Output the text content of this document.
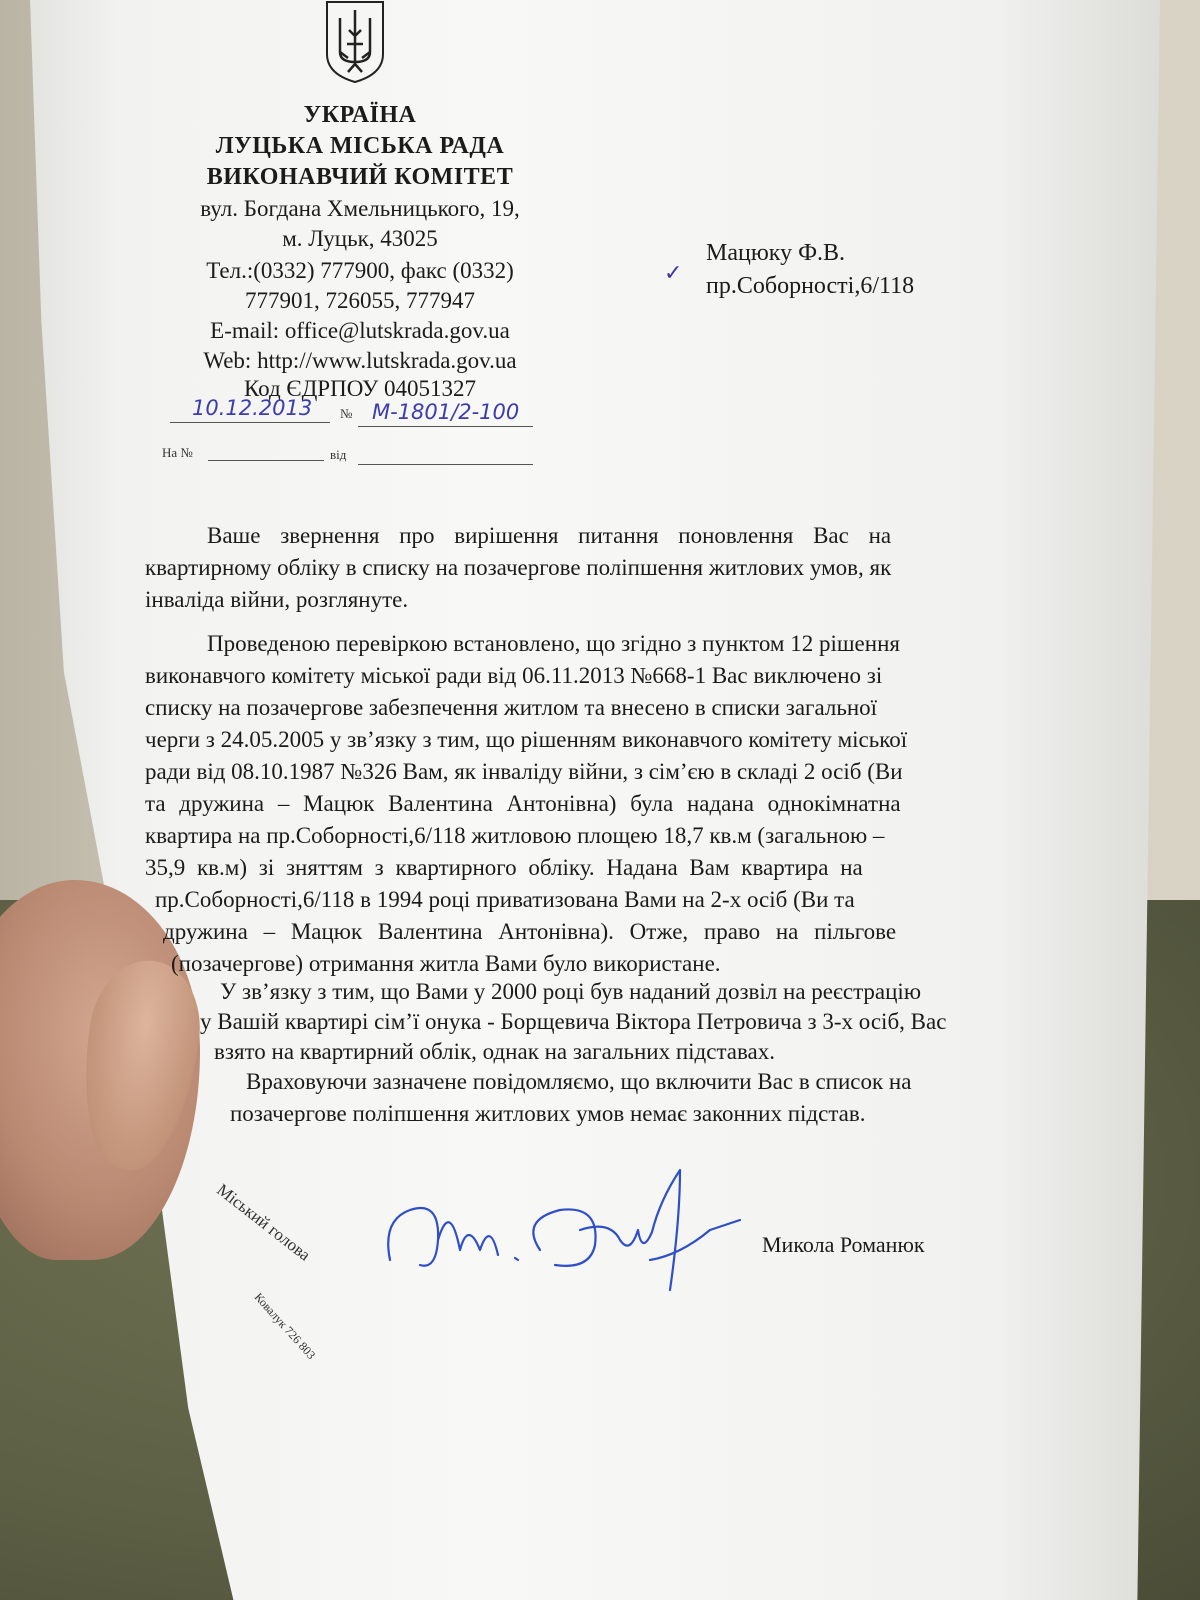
УКРАЇНА
ЛУЦЬКА МІСЬКА РАДА
ВИКОНАВЧИЙ КОМІТЕТ
вул. Богдана Хмельницького, 19,
м. Луцьк, 43025
Тел.:(0332) 777900, факс (0332)
777901, 726055, 777947
E-mail: office@lutskrada.gov.ua
Web: http://www.lutskrada.gov.ua
Код ЄДРПОУ 04051327
10.12.2013 № М-1801/2-100
На №	від
✓
Мацюку Ф.В.
пр.Соборності,6/118
Ваше звернення про вирішення питання поновлення Вас на
квартирному обліку в списку на позачергове поліпшення житлових умов, як
інваліда війни, розглянуте.
Проведеною перевіркою встановлено, що згідно з пунктом 12 рішення
виконавчого комітету міської ради від 06.11.2013 №668-1 Вас виключено зі
списку на позачергове забезпечення житлом та внесено в списки загальної
черги з 24.05.2005 у зв’язку з тим, що рішенням виконавчого комітету міської
ради від 08.10.1987 №326 Вам, як інваліду війни, з сім’єю в складі 2 осіб (Ви
та дружина – Мацюк Валентина Антонівна) була надана однокімнатна
квартира на пр.Соборності,6/118 житловою площею 18,7 кв.м (загальною –
35,9 кв.м) зі зняттям з квартирного обліку. Надана Вам квартира на
пр.Соборності,6/118 в 1994 році приватизована Вами на 2-х осіб (Ви та
дружина – Мацюк Валентина Антонівна). Отже, право на пільгове
(позачергове) отримання житла Вами було використане.
У зв’язку з тим, що Вами у 2000 році був наданий дозвіл на реєстрацію
у Вашій квартирі сім’ї онука - Борщевича Віктора Петровича з 3-х осіб, Вас
взято на квартирний облік, однак на загальних підставах.
Враховуючи зазначене повідомляємо, що включити Вас в список на
позачергове поліпшення житлових умов немає законних підстав.
Міський голова	Микола Романюк
Ковалук 726 803
